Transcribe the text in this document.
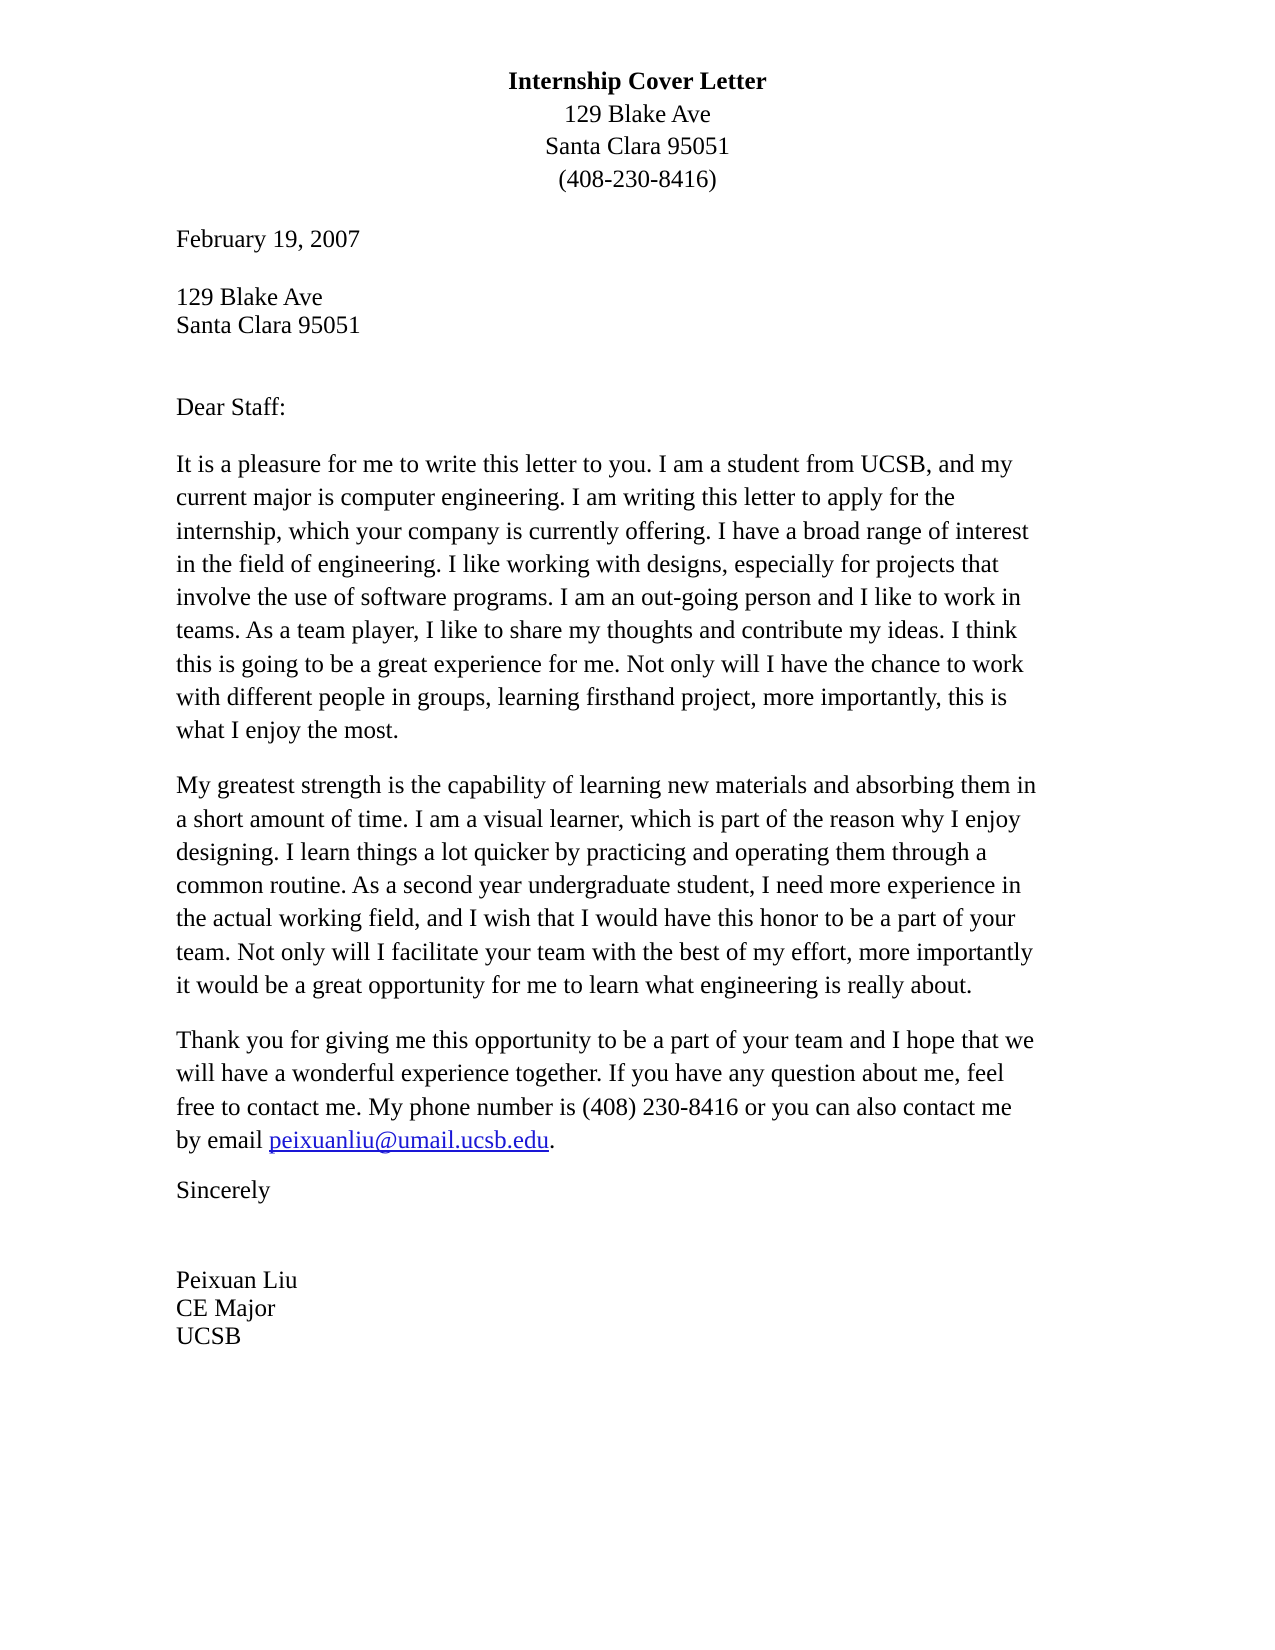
Internship Cover Letter
129 Blake Ave
Santa Clara 95051
(408-230-8416)
February 19, 2007
129 Blake Ave
Santa Clara 95051
Dear Staff:

It is a pleasure for me to write this letter to you. I am a student from UCSB, and my current major is computer engineering. I am writing this letter to apply for the internship, which your company is currently offering. I have a broad range of interest in the field of engineering. I like working with designs, especially for projects that involve the use of software programs. I am an out-going person and I like to work in teams. As a team player, I like to share my thoughts and contribute my ideas. I think this is going to be a great experience for me. Not only will I have the chance to work with different people in groups, learning firsthand project, more importantly, this is what I enjoy the most.

My greatest strength is the capability of learning new materials and absorbing them in a short amount of time. I am a visual learner, which is part of the reason why I enjoy designing. I learn things a lot quicker by practicing and operating them through a common routine. As a second year undergraduate student, I need more experience in the actual working field, and I wish that I would have this honor to be a part of your team. Not only will I facilitate your team with the best of my effort, more importantly it would be a great opportunity for me to learn what engineering is really about.

Thank you for giving me this opportunity to be a part of your team and I hope that we will have a wonderful experience together. If you have any question about me, feel free to contact me. My phone number is (408) 230-8416 or you can also contact me by email peixuanliu@umail.ucsb.edu.

Sincerely
Peixuan Liu
CE Major
UCSB
